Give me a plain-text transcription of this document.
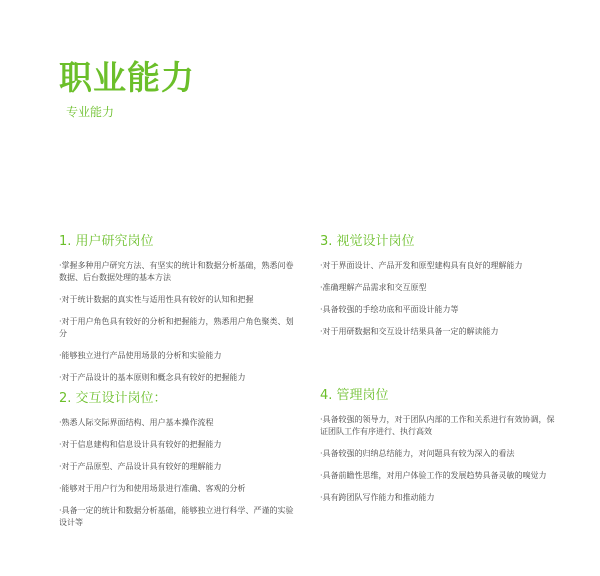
职业能力
专业能力
1. 用户研究岗位
·掌握多种用户研究方法、有坚实的统计和数据分析基础，熟悉问卷数据、后台数据处理的基本方法
·对于统计数据的真实性与适用性具有较好的认知和把握
·对于用户角色具有较好的分析和把握能力，熟悉用户角色聚类、划分
·能够独立进行产品使用场景的分析和实验能力
·对于产品设计的基本原则和概念具有较好的把握能力
2. 交互设计岗位：
·熟悉人际交际界面结构、用户基本操作流程
·对于信息建构和信息设计具有较好的把握能力
·对于产品原型、产品设计具有较好的理解能力
·能够对于用户行为和使用场景进行准确、客观的分析
·具备一定的统计和数据分析基础，能够独立进行科学、严谨的实验设计等
3. 视觉设计岗位
·对于界面设计、产品开发和原型建构具有良好的理解能力
·准确理解产品需求和交互原型
·具备较强的手绘功底和平面设计能力等
·对于用研数据和交互设计结果具备一定的解读能力
4. 管理岗位
·具备较强的领导力，对于团队内部的工作和关系进行有效协调，保证团队工作有序进行、执行高效
·具备较强的归纳总结能力，对问题具有较为深入的看法
·具备前瞻性思维，对用户体验工作的发展趋势具备灵敏的嗅觉力
·具有跨团队写作能力和推动能力
